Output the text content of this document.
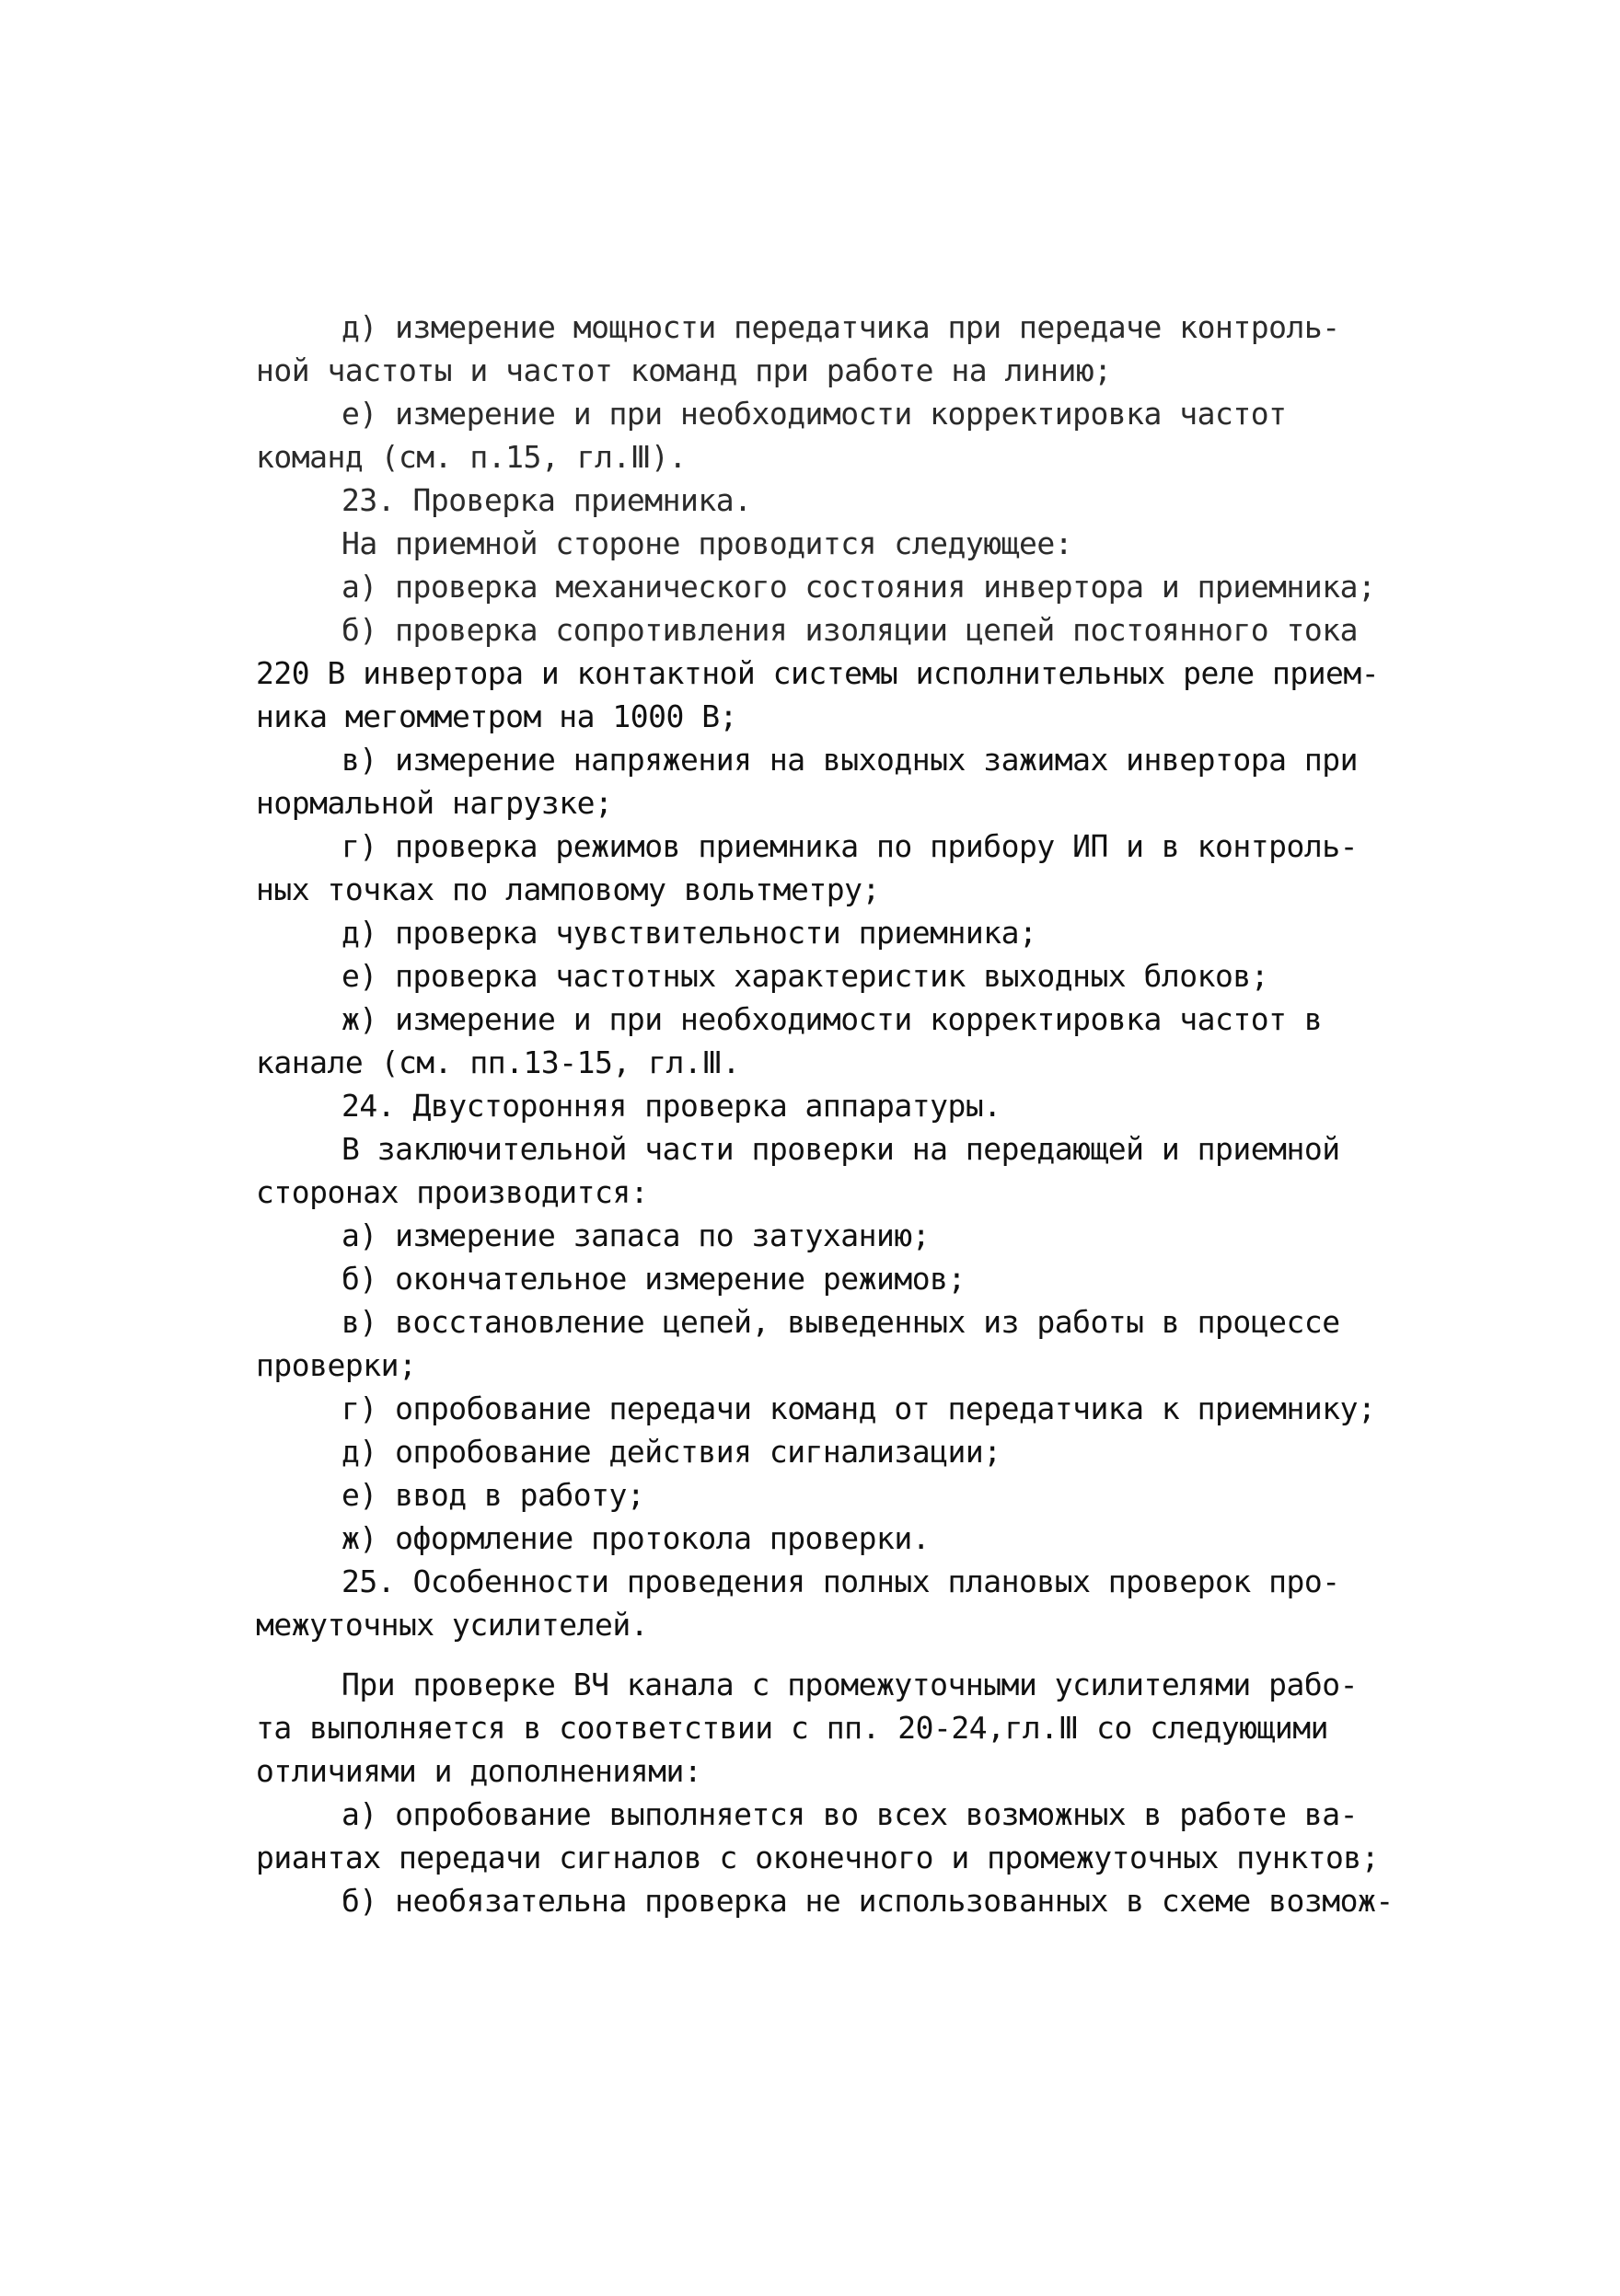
д) измерение мощности передатчика при передаче контроль-
ной частоты и частот команд при работе на линию;
е) измерение и при необходимости корректировка частот
команд (см. п.15, гл.Ⅲ).
23. Проверка приемника.
На приемной стороне проводится следующее:
а) проверка механического состояния инвертора и приемника;
б) проверка сопротивления изоляции цепей постоянного тока
220 В инвертора и контактной системы исполнительных реле прием-
ника мегомметром на 1000 В;
в) измерение напряжения на выходных зажимах инвертора при
нормальной нагрузке;
г) проверка режимов приемника по прибору ИП и в контроль-
ных точках по ламповому вольтметру;
д) проверка чувствительности приемника;
е) проверка частотных характеристик выходных блоков;
ж) измерение и при необходимости корректировка частот в
канале (см. пп.13-15, гл.Ⅲ.
24. Двусторонняя проверка аппаратуры.
В заключительной части проверки на передающей и приемной
сторонах производится:
а) измерение запаса по затуханию;
б) окончательное измерение режимов;
в) восстановление цепей, выведенных из работы в процессе
проверки;
г) опробование передачи команд от передатчика к приемнику;
д) опробование действия сигнализации;
е) ввод в работу;
ж) оформление протокола проверки.
25. Особенности проведения полных плановых проверок про-
межуточных усилителей.
При проверке ВЧ канала с промежуточными усилителями рабо-
та выполняется в соответствии с пп. 20-24,гл.Ⅲ со следующими
отличиями и дополнениями:
а) опробование выполняется во всех возможных в работе ва-
риантах передачи сигналов с оконечного и промежуточных пунктов;
б) необязательна проверка не использованных в схеме возмож-
